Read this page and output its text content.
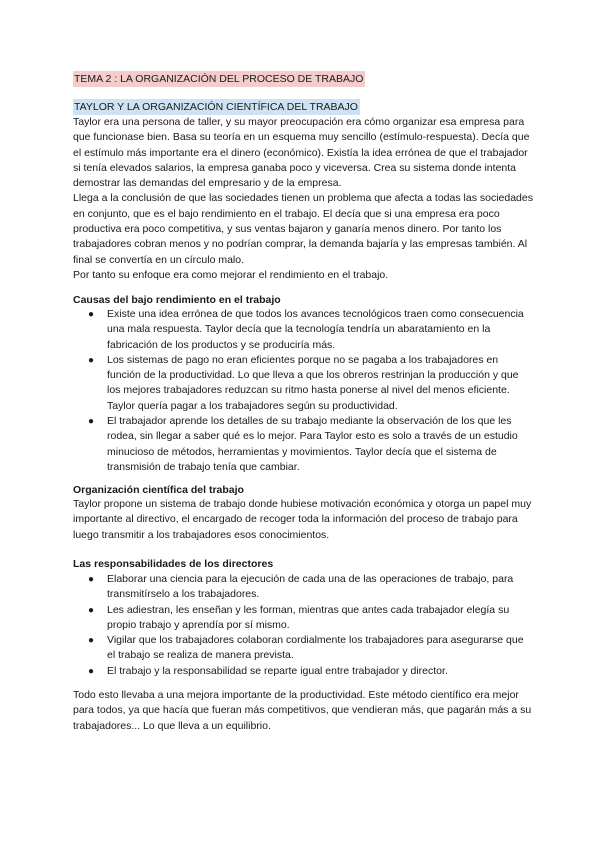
TEMA 2 : LA ORGANIZACIÓN DEL PROCESO DE TRABAJO
TAYLOR Y LA ORGANIZACIÓN CIENTÍFICA DEL TRABAJO

Taylor era una persona de taller, y su mayor preocupación era cómo organizar esa empresa para que funcionase bien. Basa su teoría en un esquema muy sencillo (estímulo-respuesta). Decía que el estímulo más importante era el dinero (económico). Existía la idea errónea de que el trabajador si tenía elevados salarios, la empresa ganaba poco y viceversa. Crea su sistema donde intenta demostrar las demandas del empresario y de la empresa.

Llega a la conclusión de que las sociedades tienen un problema que afecta a todas las sociedades en conjunto, que es el bajo rendimiento en el trabajo. El decía que si una empresa era poco productiva era poco competitiva, y sus ventas bajaron y ganaría menos dinero. Por tanto los trabajadores cobran menos y no podrían comprar, la demanda bajaría y las empresas también. Al final se convertía en un círculo malo.

Por tanto su enfoque era como mejorar el rendimiento en el trabajo.

Causas del bajo rendimiento en el trabajo
● Existe una idea errónea de que todos los avances tecnológicos traen como consecuencia una mala respuesta. Taylor decía que la tecnología tendría un abaratamiento en la fabricación de los productos y se produciría más.
● Los sistemas de pago no eran eficientes porque no se pagaba a los trabajadores en función de la productividad. Lo que lleva a que los obreros restrinjan la producción y que los mejores trabajadores reduzcan su ritmo hasta ponerse al nivel del menos eficiente. Taylor quería pagar a los trabajadores según su productividad.
● El trabajador aprende los detalles de su trabajo mediante la observación de los que les rodea, sin llegar a saber qué es lo mejor. Para Taylor esto es solo a través de un estudio minucioso de métodos, herramientas y movimientos. Taylor decía que el sistema de transmisión de trabajo tenía que cambiar.
Organización científica del trabajo

Taylor propone un sistema de trabajo donde hubiese motivación económica y otorga un papel muy importante al directivo, el encargado de recoger toda la información del proceso de trabajo para luego transmitir a los trabajadores esos conocimientos.

Las responsabilidades de los directores
● Elaborar una ciencia para la ejecución de cada una de las operaciones de trabajo, para transmitírselo a los trabajadores.
● Les adiestran, les enseñan y les forman, mientras que antes cada trabajador elegía su propio trabajo y aprendía por sí mismo.
● Vigilar que los trabajadores colaboran cordialmente los trabajadores para asegurarse que el trabajo se realiza de manera prevista.
● El trabajo y la responsabilidad se reparte igual entre trabajador y director.

Todo esto llevaba a una mejora importante de la productividad. Este método científico era mejor para todos, ya que hacía que fueran más competitivos, que vendieran más, que pagarán más a su trabajadores... Lo que lleva a un equilibrio.
